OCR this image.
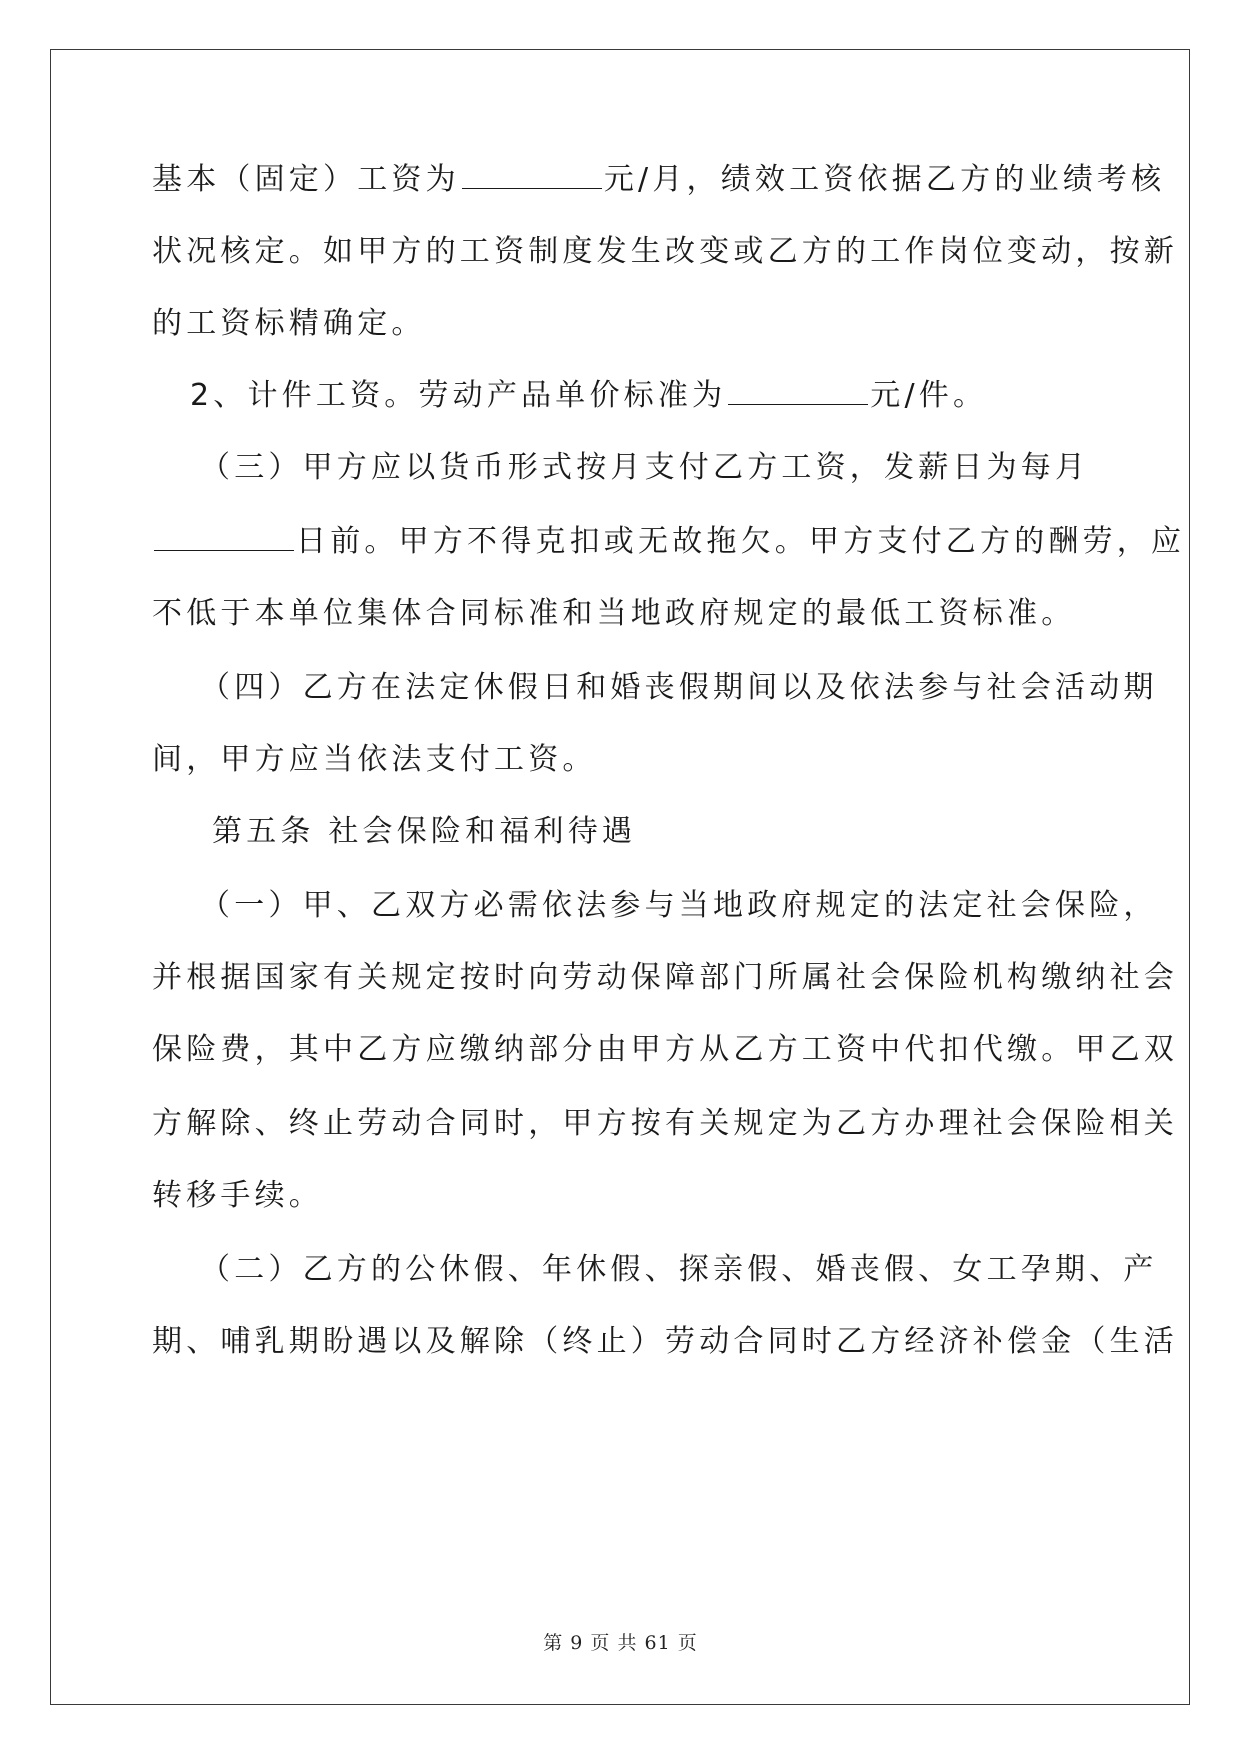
基本（固定）工资为	元/月，绩效工资依据乙方的业绩考核
状况核定。如甲方的工资制度发生改变或乙方的工作岗位变动，按新
的工资标精确定。
2、计件工资。劳动产品单价标准为	元/件。
（三）甲方应以货币形式按月支付乙方工资，发薪日为每月
日前。甲方不得克扣或无故拖欠。甲方支付乙方的酬劳，应
不低于本单位集体合同标准和当地政府规定的最低工资标准。
（四）乙方在法定休假日和婚丧假期间以及依法参与社会活动期
间，甲方应当依法支付工资。
第五条 社会保险和福利待遇
（一）甲、乙双方必需依法参与当地政府规定的法定社会保险，
并根据国家有关规定按时向劳动保障部门所属社会保险机构缴纳社会
保险费，其中乙方应缴纳部分由甲方从乙方工资中代扣代缴。甲乙双
方解除、终止劳动合同时，甲方按有关规定为乙方办理社会保险相关
转移手续。
（二）乙方的公休假、年休假、探亲假、婚丧假、女工孕期、产
期、哺乳期盼遇以及解除（终止）劳动合同时乙方经济补偿金（生活
第 9 页 共 61 页
